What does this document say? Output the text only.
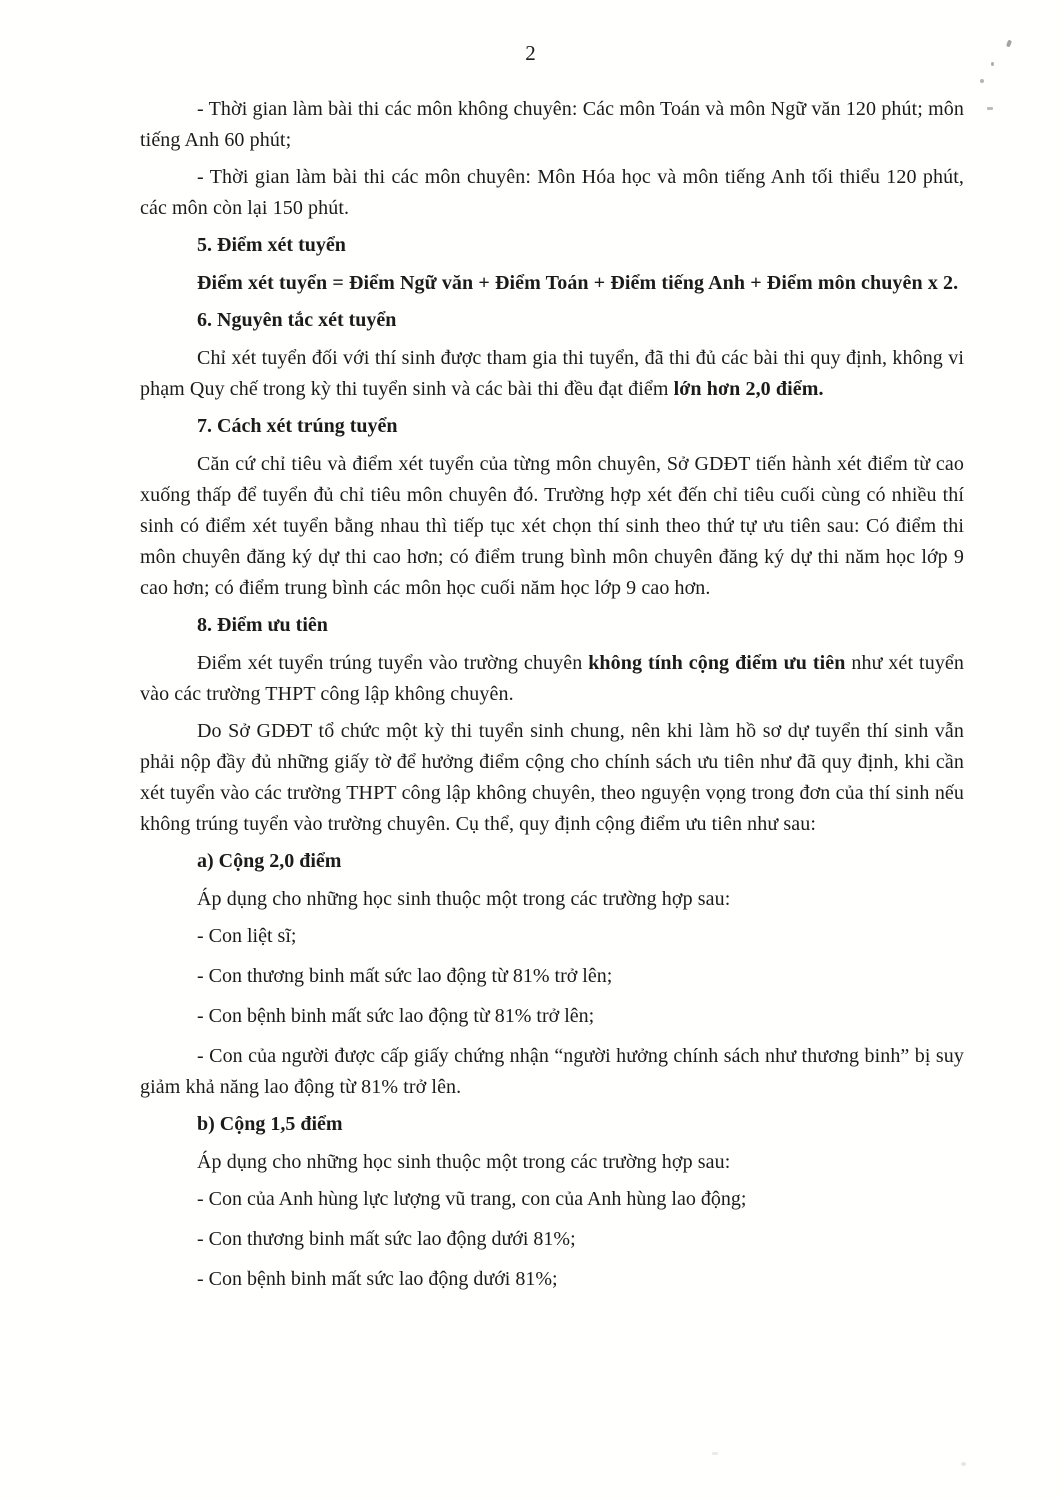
2

- Thời gian làm bài thi các môn không chuyên: Các môn Toán và môn Ngữ văn 120 phút; môn tiếng Anh 60 phút;

- Thời gian làm bài thi các môn chuyên: Môn Hóa học và môn tiếng Anh tối thiểu 120 phút, các môn còn lại 150 phút.

5. Điểm xét tuyển

Điểm xét tuyển = Điểm Ngữ văn + Điểm Toán + Điểm tiếng Anh + Điểm môn chuyên x 2.

6. Nguyên tắc xét tuyển

Chỉ xét tuyển đối với thí sinh được tham gia thi tuyển, đã thi đủ các bài thi quy định, không vi phạm Quy chế trong kỳ thi tuyển sinh và các bài thi đều đạt điểm lớn hơn 2,0 điểm.

7. Cách xét trúng tuyển

Căn cứ chỉ tiêu và điểm xét tuyển của từng môn chuyên, Sở GDĐT tiến hành xét điểm từ cao xuống thấp để tuyển đủ chỉ tiêu môn chuyên đó. Trường hợp xét đến chỉ tiêu cuối cùng có nhiều thí sinh có điểm xét tuyển bằng nhau thì tiếp tục xét chọn thí sinh theo thứ tự ưu tiên sau: Có điểm thi môn chuyên đăng ký dự thi cao hơn; có điểm trung bình môn chuyên đăng ký dự thi năm học lớp 9 cao hơn; có điểm trung bình các môn học cuối năm học lớp 9 cao hơn.

8. Điểm ưu tiên

Điểm xét tuyển trúng tuyển vào trường chuyên không tính cộng điểm ưu tiên như xét tuyển vào các trường THPT công lập không chuyên.

Do Sở GDĐT tổ chức một kỳ thi tuyển sinh chung, nên khi làm hồ sơ dự tuyển thí sinh vẫn phải nộp đầy đủ những giấy tờ để hưởng điểm cộng cho chính sách ưu tiên như đã quy định, khi cần xét tuyển vào các trường THPT công lập không chuyên, theo nguyện vọng trong đơn của thí sinh nếu không trúng tuyển vào trường chuyên. Cụ thể, quy định cộng điểm ưu tiên như sau:

a) Cộng 2,0 điểm

Áp dụng cho những học sinh thuộc một trong các trường hợp sau:

- Con liệt sĩ;

- Con thương binh mất sức lao động từ 81% trở lên;

- Con bệnh binh mất sức lao động từ 81% trở lên;

- Con của người được cấp giấy chứng nhận “người hưởng chính sách như thương binh” bị suy giảm khả năng lao động từ 81% trở lên.

b) Cộng 1,5 điểm

Áp dụng cho những học sinh thuộc một trong các trường hợp sau:

- Con của Anh hùng lực lượng vũ trang, con của Anh hùng lao động;

- Con thương binh mất sức lao động dưới 81%;

- Con bệnh binh mất sức lao động dưới 81%;
